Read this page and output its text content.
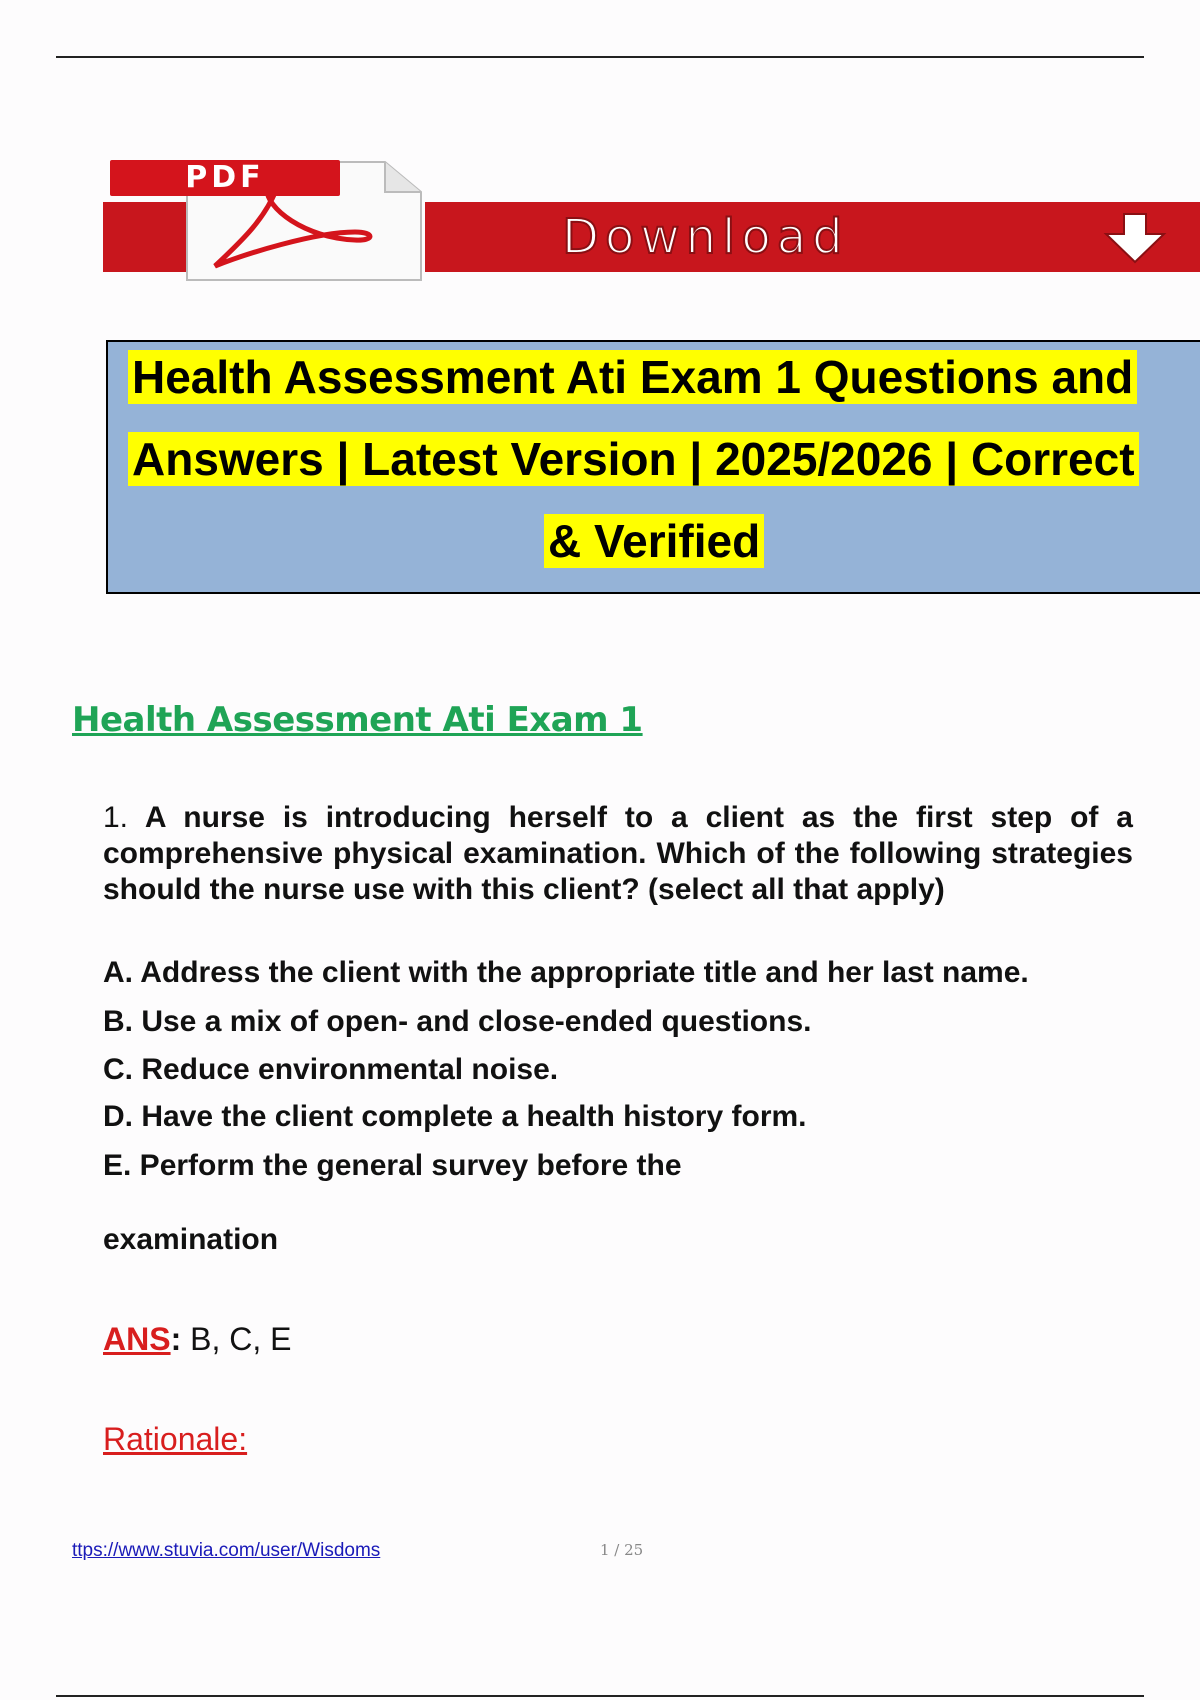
PDF
Download
Health Assessment Ati Exam 1 Questions and
Answers | Latest Version | 2025/2026 | Correct
& Verified
Health Assessment Ati Exam 1
1. A nurse is introducing herself to a client as the first step of a comprehensive physical examination. Which of the following strategies should the nurse use with this client? (select all that apply)
A. Address the client with the appropriate title and her last name.
B. Use a mix of open- and close-ended questions.
C. Reduce environmental noise.
D. Have the client complete a health history form.
E. Perform the general survey before the
examination
ANS: B, C, E
Rationale:
ttps://www.stuvia.com/user/Wisdoms	1 / 25
